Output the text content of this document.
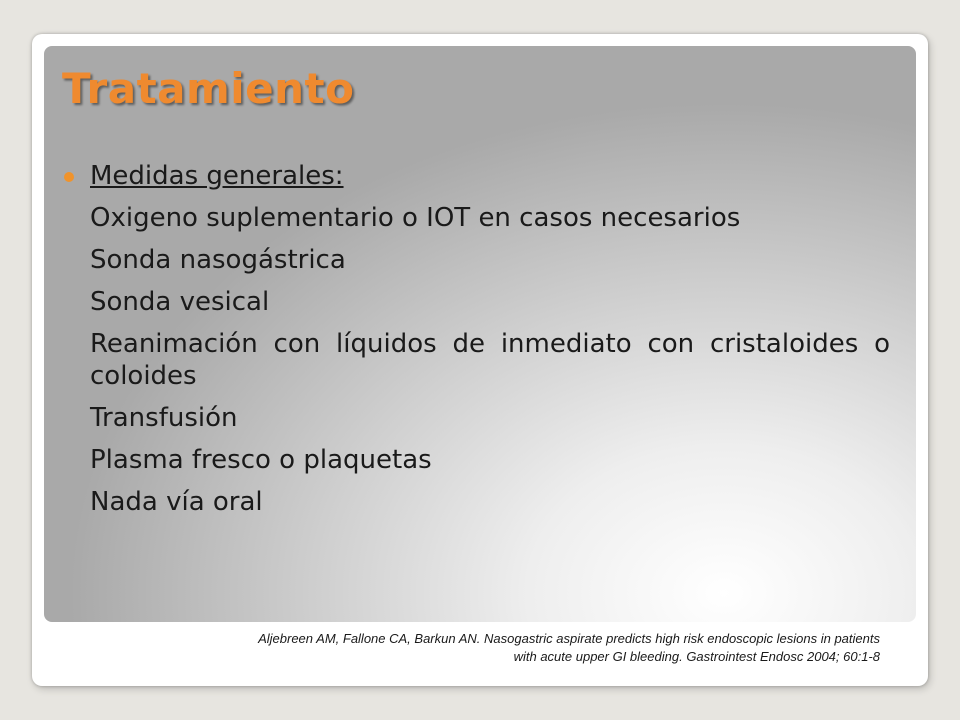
Tratamiento
Medidas generales:
Oxigeno suplementario o IOT en casos necesarios
Sonda nasogástrica
Sonda vesical
Reanimación con líquidos de inmediato con cristaloides o coloides
Transfusión
Plasma fresco o plaquetas
Nada vía oral
Aljebreen AM, Fallone CA, Barkun AN. Nasogastric aspirate predicts high risk endoscopic lesions in patients
with acute upper GI bleeding. Gastrointest Endosc 2004; 60:1-8
